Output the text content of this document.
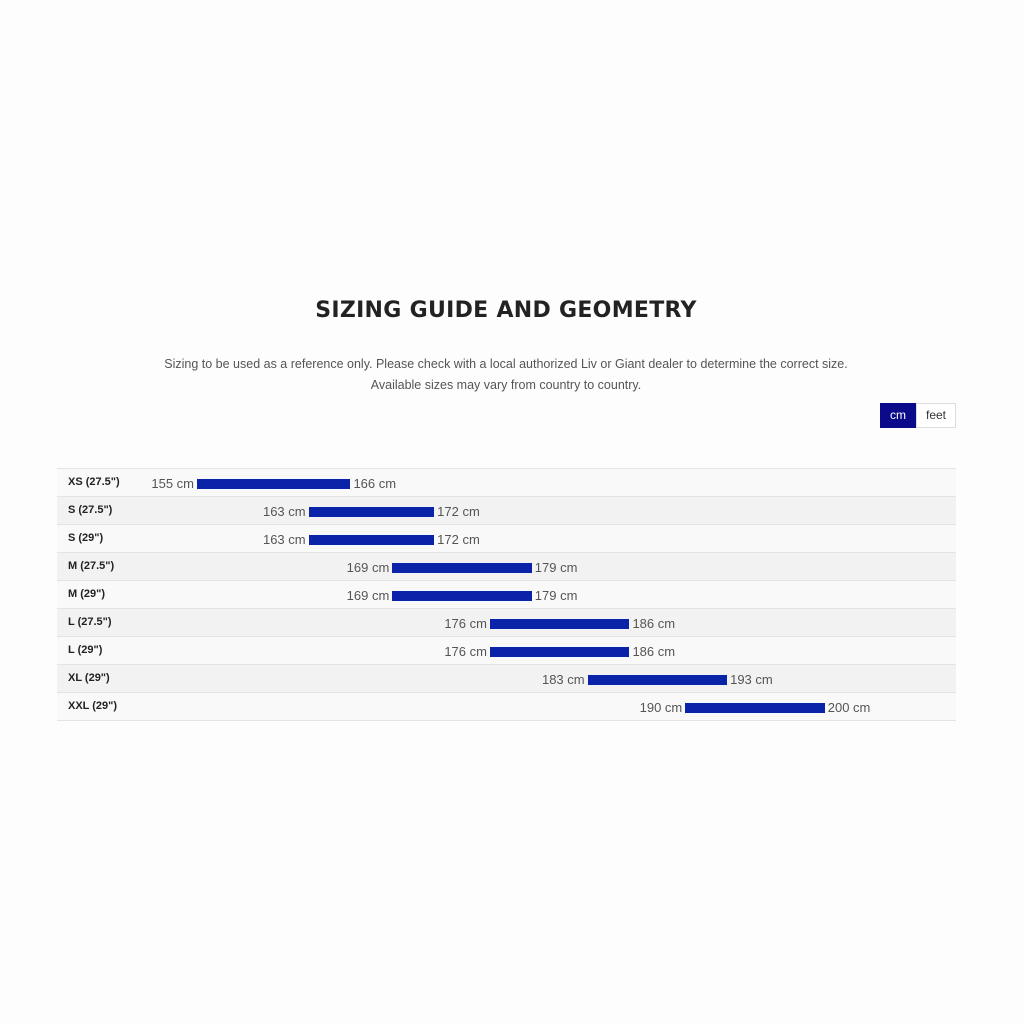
SIZING GUIDE AND GEOMETRY
Sizing to be used as a reference only. Please check with a local authorized Liv or Giant dealer to determine the correct size.
Available sizes may vary from country to country.
cm	feet
XS (27.5") 155 cm	166 cm
S (27.5")	163 cm	172 cm
S (29")	163 cm	172 cm
M (27.5")	169 cm	179 cm
M (29")	169 cm	179 cm
L (27.5")	176 cm	186 cm
L (29")	176 cm	186 cm
XL (29")	183 cm	193 cm
XXL (29")	190 cm	200 cm
